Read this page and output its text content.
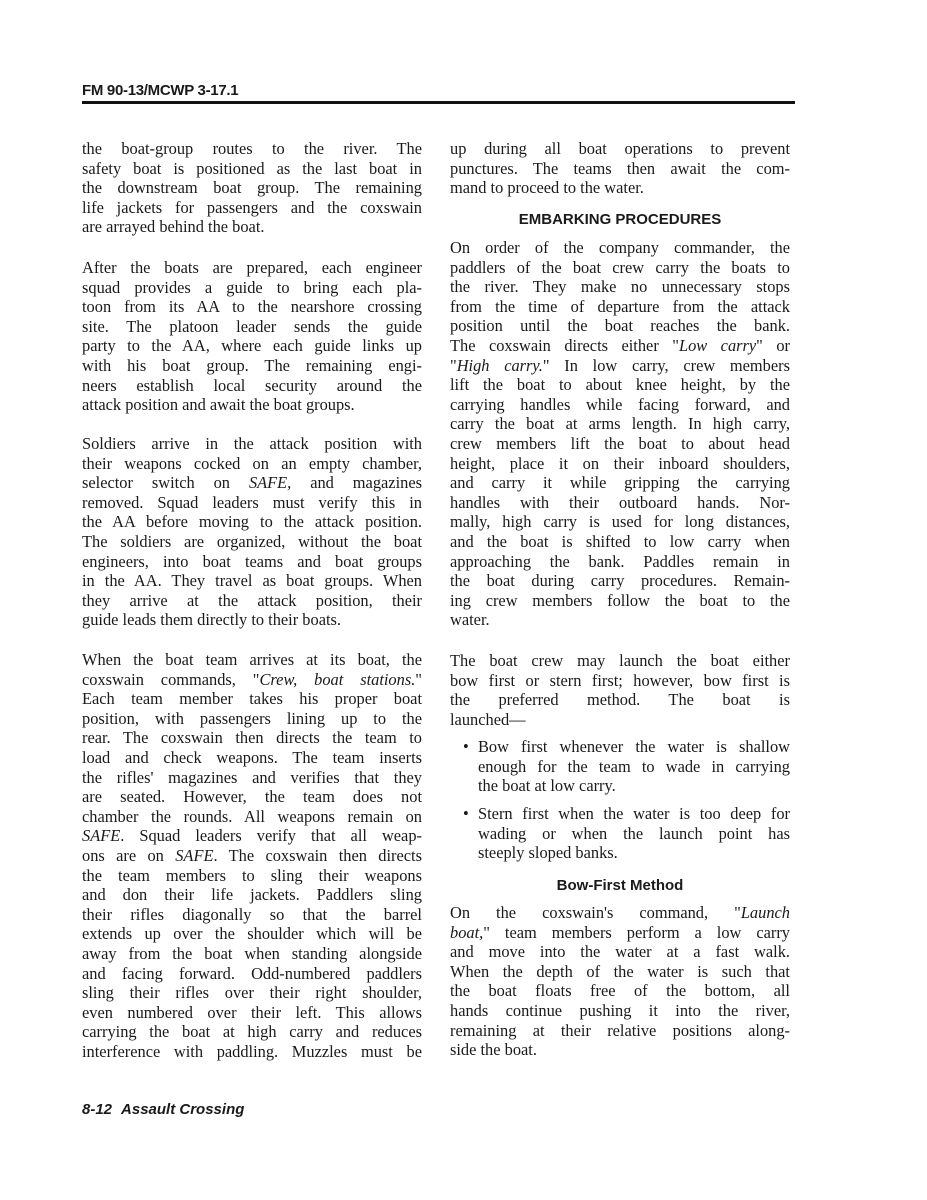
FM 90-13/MCWP 3-17.1
the boat-group routes to the river. The
safety boat is positioned as the last boat in
the downstream boat group. The remaining
life jackets for passengers and the coxswain
are arrayed behind the boat.
After the boats are prepared, each engineer
squad provides a guide to bring each pla-
toon from its AA to the nearshore crossing
site. The platoon leader sends the guide
party to the AA, where each guide links up
with his boat group. The remaining engi-
neers establish local security around the
attack position and await the boat groups.
Soldiers arrive in the attack position with
their weapons cocked on an empty chamber,
selector switch on SAFE, and magazines
removed. Squad leaders must verify this in
the AA before moving to the attack position.
The soldiers are organized, without the boat
engineers, into boat teams and boat groups
in the AA. They travel as boat groups. When
they arrive at the attack position, their
guide leads them directly to their boats.
When the boat team arrives at its boat, the
coxswain commands, "Crew, boat stations."
Each team member takes his proper boat
position, with passengers lining up to the
rear. The coxswain then directs the team to
load and check weapons. The team inserts
the rifles' magazines and verifies that they
are seated. However, the team does not
chamber the rounds. All weapons remain on
SAFE. Squad leaders verify that all weap-
ons are on SAFE. The coxswain then directs
the team members to sling their weapons
and don their life jackets. Paddlers sling
their rifles diagonally so that the barrel
extends up over the shoulder which will be
away from the boat when standing alongside
and facing forward. Odd-numbered paddlers
sling their rifles over their right shoulder,
even numbered over their left. This allows
carrying the boat at high carry and reduces
interference with paddling. Muzzles must be
up during all boat operations to prevent
punctures. The teams then await the com-
mand to proceed to the water.
EMBARKING PROCEDURES
On order of the company commander, the
paddlers of the boat crew carry the boats to
the river. They make no unnecessary stops
from the time of departure from the attack
position until the boat reaches the bank.
The coxswain directs either "Low carry" or
"High carry." In low carry, crew members
lift the boat to about knee height, by the
carrying handles while facing forward, and
carry the boat at arms length. In high carry,
crew members lift the boat to about head
height, place it on their inboard shoulders,
and carry it while gripping the carrying
handles with their outboard hands. Nor-
mally, high carry is used for long distances,
and the boat is shifted to low carry when
approaching the bank. Paddles remain in
the boat during carry procedures. Remain-
ing crew members follow the boat to the
water.
The boat crew may launch the boat either
bow first or stern first; however, bow first is
the preferred method. The boat is
launched—
• Bow first whenever the water is shallow
enough for the team to wade in carrying
the boat at low carry.
• Stern first when the water is too deep for
wading or when the launch point has
steeply sloped banks.
Bow-First Method
On the coxswain's command, "Launch
boat," team members perform a low carry
and move into the water at a fast walk.
When the depth of the water is such that
the boat floats free of the bottom, all
hands continue pushing it into the river,
remaining at their relative positions along-
side the boat.
8-12 Assault Crossing
